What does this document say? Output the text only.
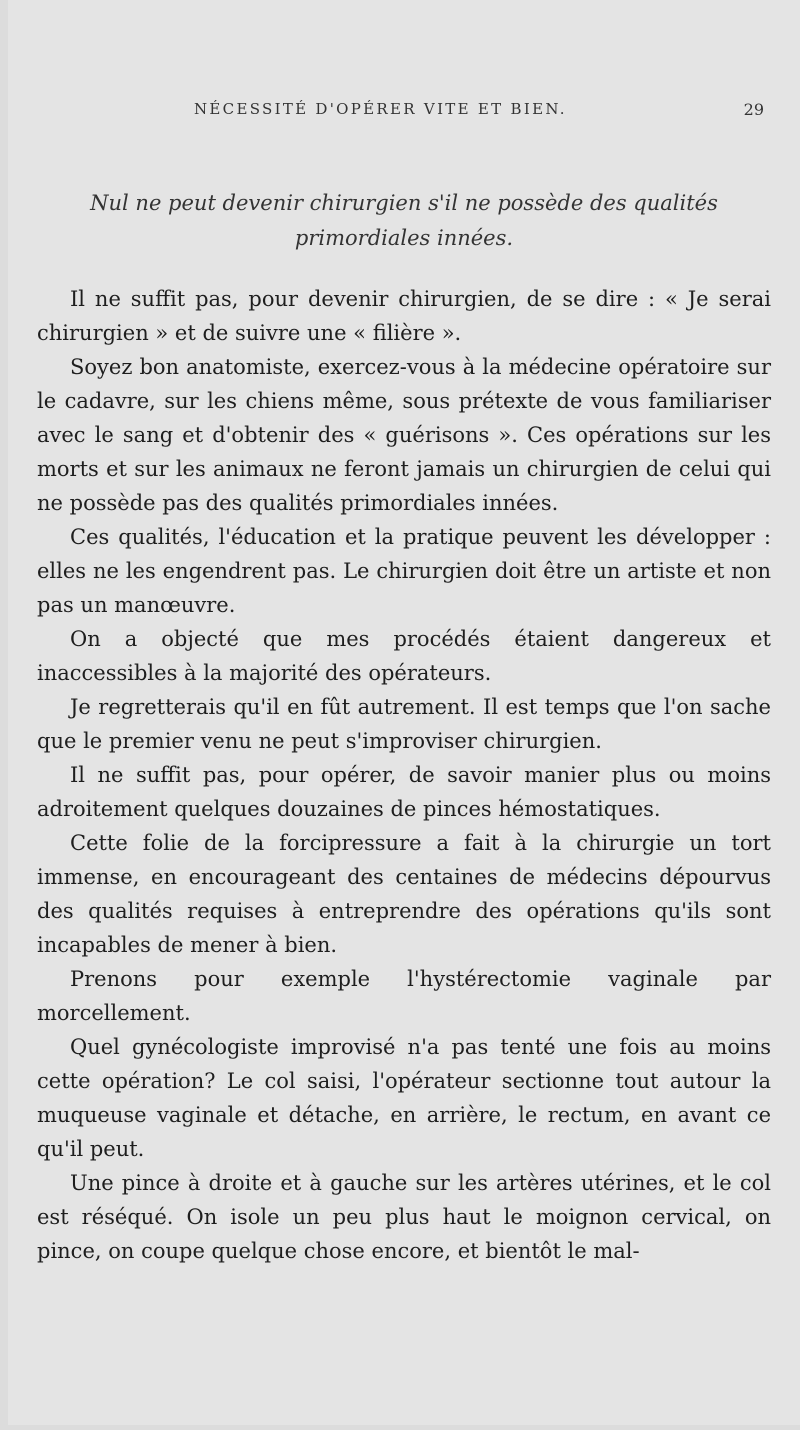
NÉCESSITÉ D'OPÉRER VITE ET BIEN.	29
Nul ne peut devenir chirurgien s'il ne possède des qualités primordiales innées.

Il ne suffit pas, pour devenir chirurgien, de se dire : « Je serai chirurgien » et de suivre une « filière ».

Soyez bon anatomiste, exercez-vous à la médecine opératoire sur le cadavre, sur les chiens même, sous prétexte de vous familiariser avec le sang et d'obtenir des « guérisons ». Ces opérations sur les morts et sur les animaux ne feront jamais un chirurgien de celui qui ne possède pas des qualités primordiales innées.

Ces qualités, l'éducation et la pratique peuvent les développer : elles ne les engendrent pas. Le chirurgien doit être un artiste et non pas un manœuvre.

On a objecté que mes procédés étaient dangereux et inaccessibles à la majorité des opérateurs.

Je regretterais qu'il en fût autrement. Il est temps que l'on sache que le premier venu ne peut s'improviser chirurgien.

Il ne suffit pas, pour opérer, de savoir manier plus ou moins adroitement quelques douzaines de pinces hémostatiques.

Cette folie de la forcipressure a fait à la chirurgie un tort immense, en encourageant des centaines de médecins dépourvus des qualités requises à entreprendre des opérations qu'ils sont incapables de mener à bien.

Prenons pour exemple l'hystérectomie vaginale par morcellement.

Quel gynécologiste improvisé n'a pas tenté une fois au moins cette opération? Le col saisi, l'opérateur sectionne tout autour la muqueuse vaginale et détache, en arrière, le rectum, en avant ce qu'il peut.

Une pince à droite et à gauche sur les artères utérines, et le col est réséqué. On isole un peu plus haut le moignon cervical, on pince, on coupe quelque chose encore, et bientôt le mal-
